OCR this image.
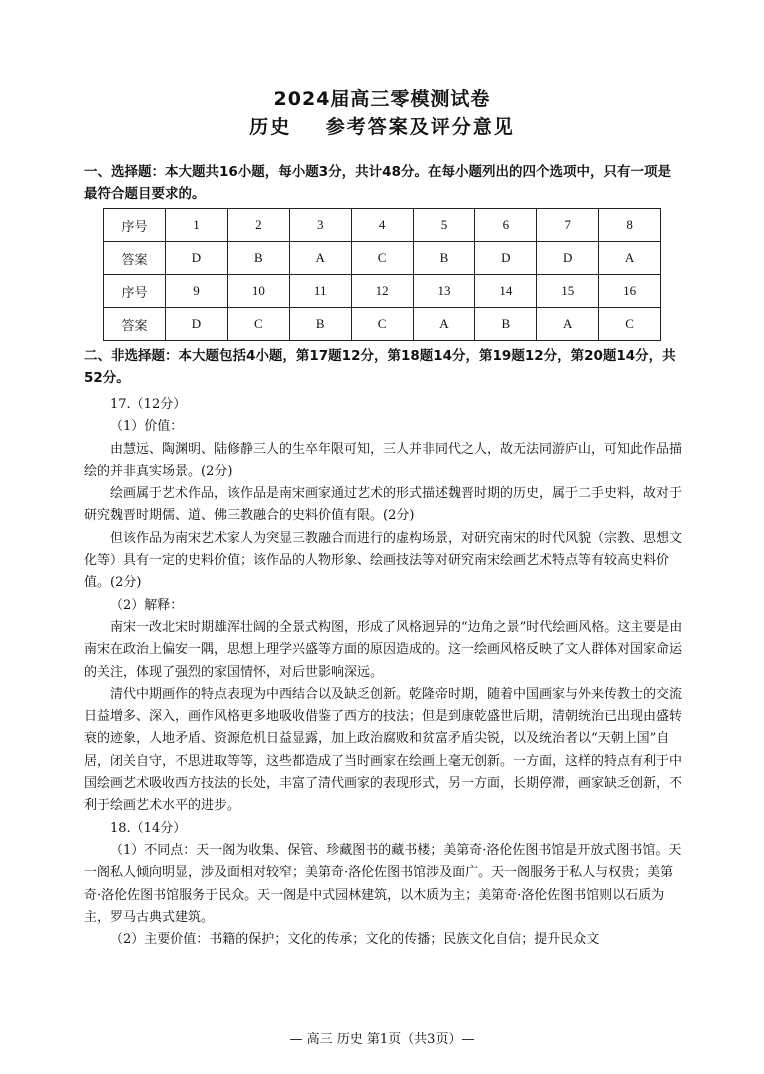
2024届高三零模测试卷
历史    参考答案及评分意见
一、选择题：本大题共16小题，每小题3分，共计48分。在每小题列出的四个选项中，只有一项是最符合题目要求的。
序号	1	2	3	4	5	6	7	8
答案	D	B	A	C	B	D	D	A
序号	9	10	11	12	13	14	15	16
答案	D	C	B	C	A	B	A	C
二、非选择题：本大题包括4小题，第17题12分，第18题14分，第19题12分，第20题14分，共52分。

17.（12分）

（1）价值：

由慧远、陶渊明、陆修静三人的生卒年限可知，三人并非同代之人，故无法同游庐山，可知此作品描绘的并非真实场景。(2分)

绘画属于艺术作品，该作品是南宋画家通过艺术的形式描述魏晋时期的历史，属于二手史料，故对于研究魏晋时期儒、道、佛三教融合的史料价值有限。(2分)

但该作品为南宋艺术家人为突显三教融合而进行的虚构场景，对研究南宋的时代风貌（宗教、思想文化等）具有一定的史料价值；该作品的人物形象、绘画技法等对研究南宋绘画艺术特点等有较高史料价值。(2分)

（2）解释：

南宋一改北宋时期雄浑壮阔的全景式构图，形成了风格迥异的“边角之景”时代绘画风格。这主要是由南宋在政治上偏安一隅，思想上理学兴盛等方面的原因造成的。这一绘画风格反映了文人群体对国家命运的关注，体现了强烈的家国情怀，对后世影响深远。

清代中期画作的特点表现为中西结合以及缺乏创新。乾隆帝时期，随着中国画家与外来传教士的交流日益增多、深入，画作风格更多地吸收借鉴了西方的技法；但是到康乾盛世后期，清朝统治已出现由盛转衰的迹象，人地矛盾、资源危机日益显露，加上政治腐败和贫富矛盾尖锐，以及统治者以“天朝上国”自居，闭关自守，不思进取等等，这些都造成了当时画家在绘画上毫无创新。一方面，这样的特点有利于中国绘画艺术吸收西方技法的长处，丰富了清代画家的表现形式，另一方面，长期停滞，画家缺乏创新，不利于绘画艺术水平的进步。

18.（14分）

（1）不同点：天一阁为收集、保管、珍藏图书的藏书楼；美第奇·洛伦佐图书馆是开放式图书馆。天一阁私人倾向明显，涉及面相对较窄；美第奇·洛伦佐图书馆涉及面广。天一阁服务于私人与权贵；美第奇·洛伦佐图书馆服务于民众。天一阁是中式园林建筑，以木质为主；美第奇·洛伦佐图书馆则以石质为主，罗马古典式建筑。

（2）主要价值：书籍的保护；文化的传承；文化的传播；民族文化自信；提升民众文

— 高三 历史 第1页（共3页）—
